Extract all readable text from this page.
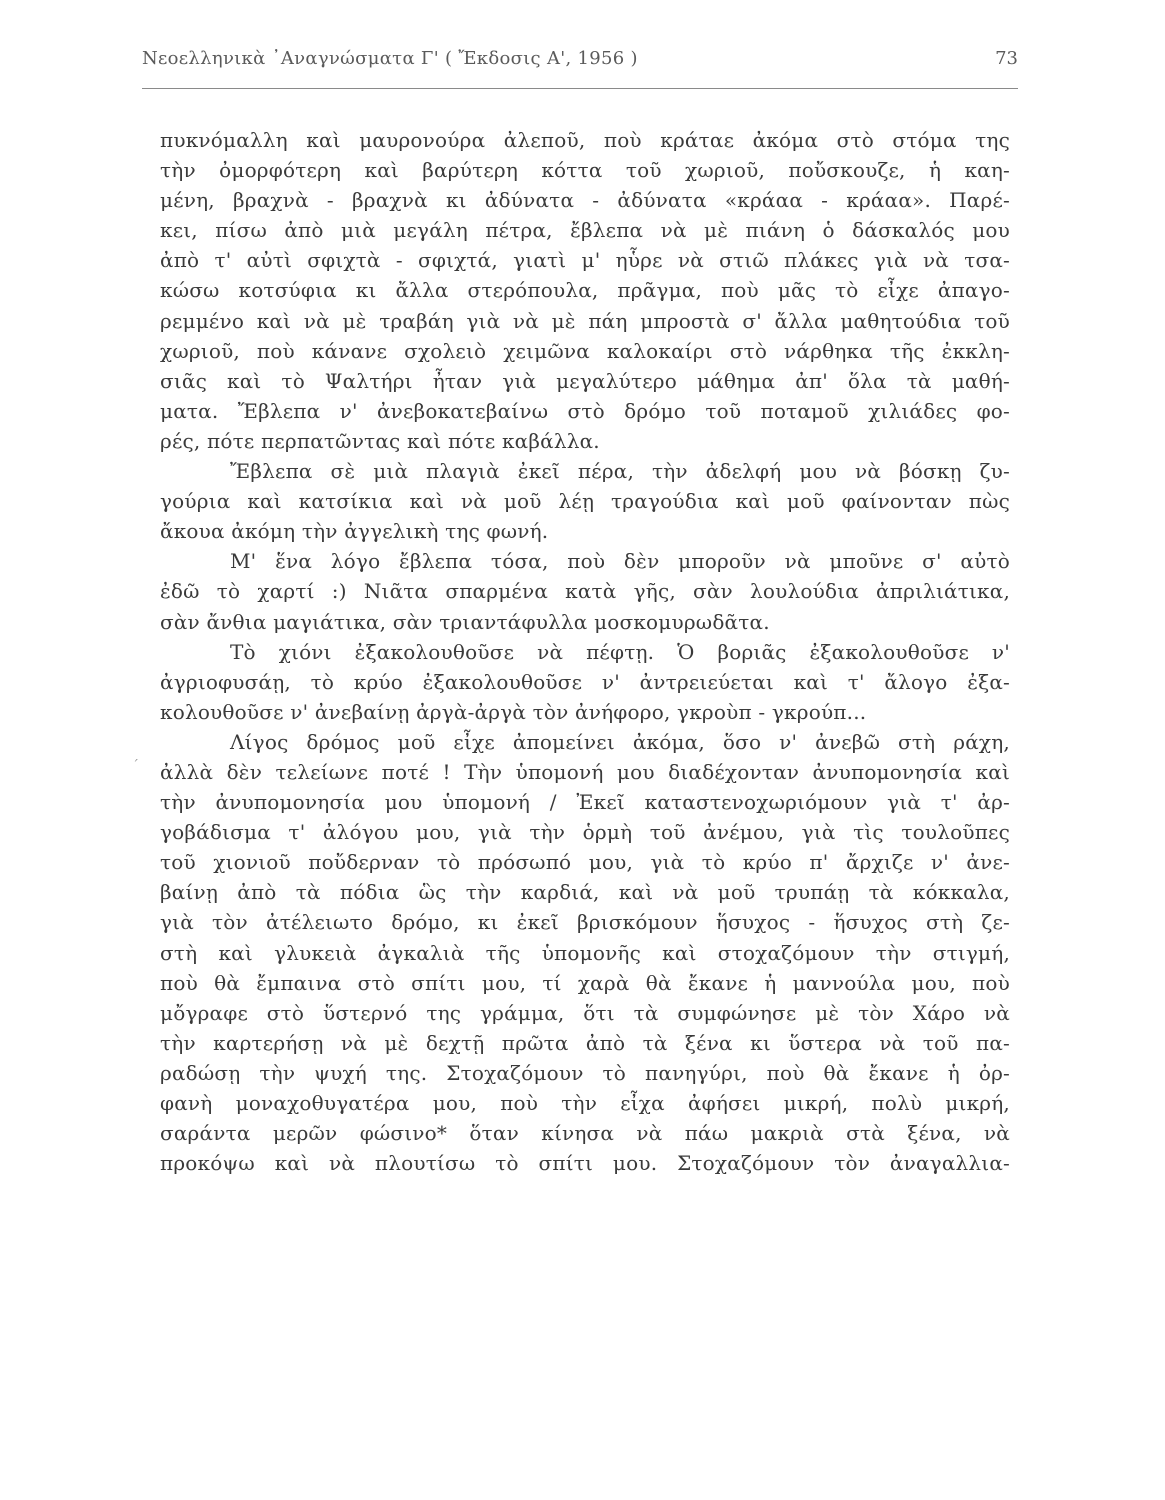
Νεοελληνικὰ ᾿Αναγνώσματα Γ' ( Ἔκδοσις Α', 1956 )	73
ˊ
πυκνόμαλλη καὶ μαυρονούρα ἀλεποῦ, ποὺ κράταε ἀκόμα στὸ στόμα της
τὴν ὀμορφότερη καὶ βαρύτερη κόττα τοῦ χωριοῦ, ποὔσκουζε, ἡ καη-
μένη, βραχνὰ - βραχνὰ κι ἀδύνατα - ἀδύνατα «κράαα - κράαα». Παρέ-
κει, πίσω ἀπὸ μιὰ μεγάλη πέτρα, ἔβλεπα νὰ μὲ πιάνη ὁ δάσκαλός μου
ἀπὸ τ' αὐτὶ σφιχτὰ - σφιχτά, γιατὶ μ' ηὗρε νὰ στιῶ πλάκες γιὰ νὰ τσα-
κώσω κοτσύφια κι ἄλλα στερόπουλα, πρᾶγμα, ποὺ μᾶς τὸ εἶχε ἀπαγο-
ρεμμένο καὶ νὰ μὲ τραβάη γιὰ νὰ μὲ πάη μπροστὰ σ' ἄλλα μαθητούδια τοῦ
χωριοῦ, ποὺ κάνανε σχολειὸ χειμῶνα καλοκαίρι στὸ νάρθηκα τῆς ἐκκλη-
σιᾶς καὶ τὸ Ψαλτήρι ἦταν γιὰ μεγαλύτερο μάθημα ἀπ' ὅλα τὰ μαθή-
ματα. Ἔβλεπα ν' ἀνεβοκατεβαίνω στὸ δρόμο τοῦ ποταμοῦ χιλιάδες φο-
ρές, πότε περπατῶντας καὶ πότε καβάλλα.
Ἔβλεπα σὲ μιὰ πλαγιὰ ἐκεῖ πέρα, τὴν ἀδελφή μου νὰ βόσκῃ ζυ-
γούρια καὶ κατσίκια καὶ νὰ μοῦ λέῃ τραγούδια καὶ μοῦ φαίνονταν πὼς
ἄκουα ἀκόμη τὴν ἀγγελικὴ της φωνή.
Μ' ἕνα λόγο ἔβλεπα τόσα, ποὺ δὲν μποροῦν νὰ μποῦνε σ' αὐτὸ
ἐδῶ τὸ χαρτί :) Νιᾶτα σπαρμένα κατὰ γῆς, σὰν λουλούδια ἀπριλιάτικα,
σὰν ἄνθια μαγιάτικα, σὰν τριαντάφυλλα μοσκομυρωδᾶτα.
Τὸ χιόνι ἐξακολουθοῦσε νὰ πέφτῃ. Ὁ βοριᾶς ἐξακολουθοῦσε ν'
ἀγριοφυσάῃ, τὸ κρύο ἐξακολουθοῦσε ν' ἀντρειεύεται καὶ τ' ἄλογο ἐξα-
κολουθοῦσε ν' ἀνεβαίνῃ ἀργὰ-ἀργὰ τὸν ἀνήφορο, γκροὺπ - γκρούπ...
Λίγος δρόμος μοῦ εἶχε ἀπομείνει ἀκόμα, ὅσο ν' ἀνεβῶ στὴ ράχη,
ἀλλὰ δὲν τελείωνε ποτέ ! Τὴν ὑπομονή μου διαδέχονταν ἀνυπομονησία καὶ
τὴν ἀνυπομονησία μου ὑπομονή / Ἐκεῖ καταστενοχωριόμουν γιὰ τ' ἀρ-
γοβάδισμα τ' ἀλόγου μου, γιὰ τὴν ὁρμὴ τοῦ ἀνέμου, γιὰ τὶς τουλοῦπες
τοῦ χιονιοῦ ποὔδερναν τὸ πρόσωπό μου, γιὰ τὸ κρύο π' ἄρχιζε ν' ἀνε-
βαίνῃ ἀπὸ τὰ πόδια ὣς τὴν καρδιά, καὶ νὰ μοῦ τρυπάῃ τὰ κόκκαλα,
γιὰ τὸν ἀτέλειωτο δρόμο, κι ἐκεῖ βρισκόμουν ἥσυχος - ἥσυχος στὴ ζε-
στὴ καὶ γλυκειὰ ἀγκαλιὰ τῆς ὑπομονῆς καὶ στοχαζόμουν τὴν στιγμή,
ποὺ θὰ ἔμπαινα στὸ σπίτι μου, τί χαρὰ θὰ ἔκανε ἡ μαννούλα μου, ποὺ
μὄγραφε στὸ ὕστερνό της γράμμα, ὅτι τὰ συμφώνησε μὲ τὸν Χάρο νὰ
τὴν καρτερήσῃ νὰ μὲ δεχτῇ πρῶτα ἀπὸ τὰ ξένα κι ὕστερα νὰ τοῦ πα-
ραδώσῃ τὴν ψυχή της. Στοχαζόμουν τὸ πανηγύρι, ποὺ θὰ ἔκανε ἡ ὀρ-
φανὴ μοναχοθυγατέρα μου, ποὺ τὴν εἶχα ἀφήσει μικρή, πολὺ μικρή,
σαράντα μερῶν φώσινο* ὅταν κίνησα νὰ πάω μακριὰ στὰ ξένα, νὰ
προκόψω καὶ νὰ πλουτίσω τὸ σπίτι μου. Στοχαζόμουν τὸν ἀναγαλλια-
